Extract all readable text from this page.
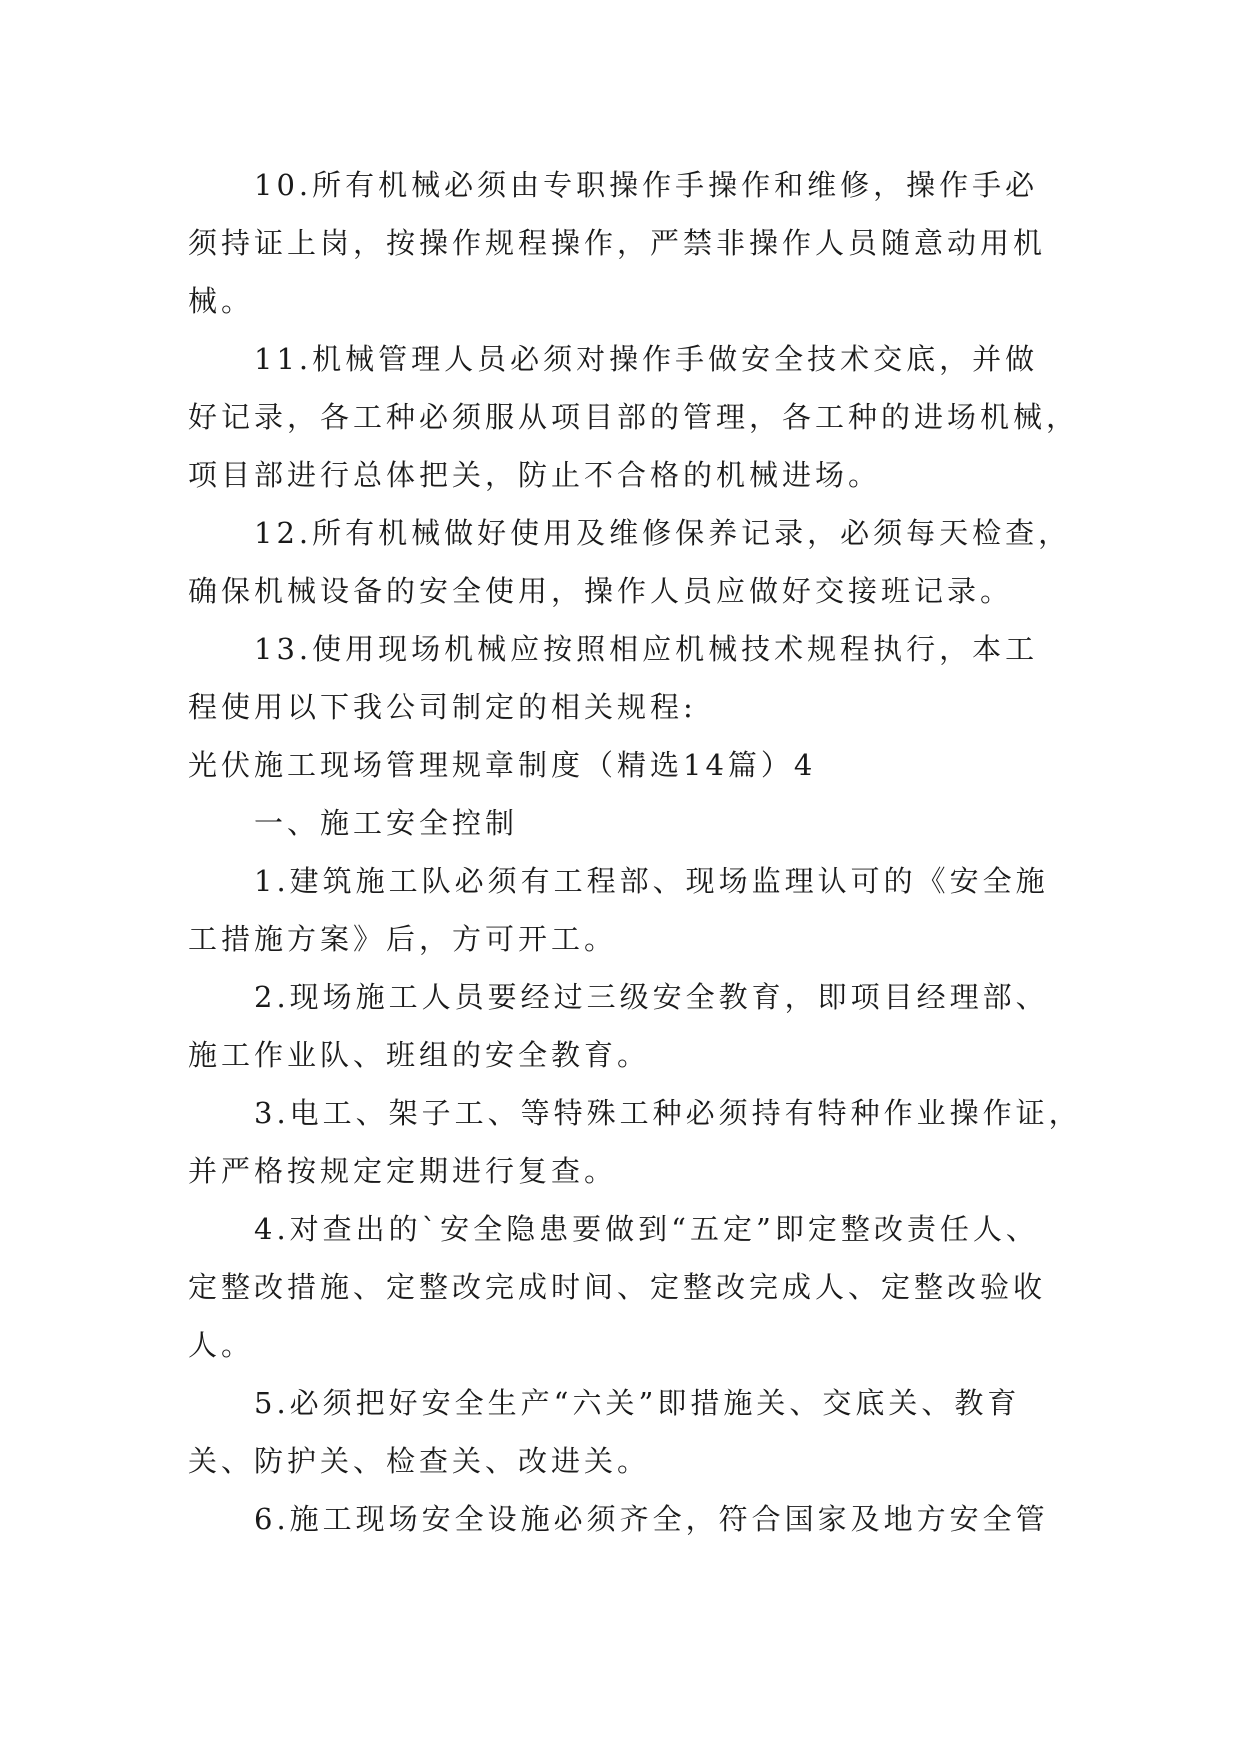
10.所有机械必须由专职操作手操作和维修，操作手必
须持证上岗，按操作规程操作，严禁非操作人员随意动用机
械。
11.机械管理人员必须对操作手做安全技术交底，并做
好记录，各工种必须服从项目部的管理，各工种的进场机械，
项目部进行总体把关，防止不合格的机械进场。
12.所有机械做好使用及维修保养记录，必须每天检查，
确保机械设备的安全使用，操作人员应做好交接班记录。
13.使用现场机械应按照相应机械技术规程执行，本工
程使用以下我公司制定的相关规程:
光伏施工现场管理规章制度（精选14篇）4
一、施工安全控制
1.建筑施工队必须有工程部、现场监理认可的《安全施
工措施方案》后，方可开工。
2.现场施工人员要经过三级安全教育，即项目经理部、
施工作业队、班组的安全教育。
3.电工、架子工、等特殊工种必须持有特种作业操作证，
并严格按规定定期进行复查。
4.对查出的`安全隐患要做到“五定”即定整改责任人、
定整改措施、定整改完成时间、定整改完成人、定整改验收
人。
5.必须把好安全生产“六关”即措施关、交底关、教育
关、防护关、检查关、改进关。
6.施工现场安全设施必须齐全，符合国家及地方安全管
